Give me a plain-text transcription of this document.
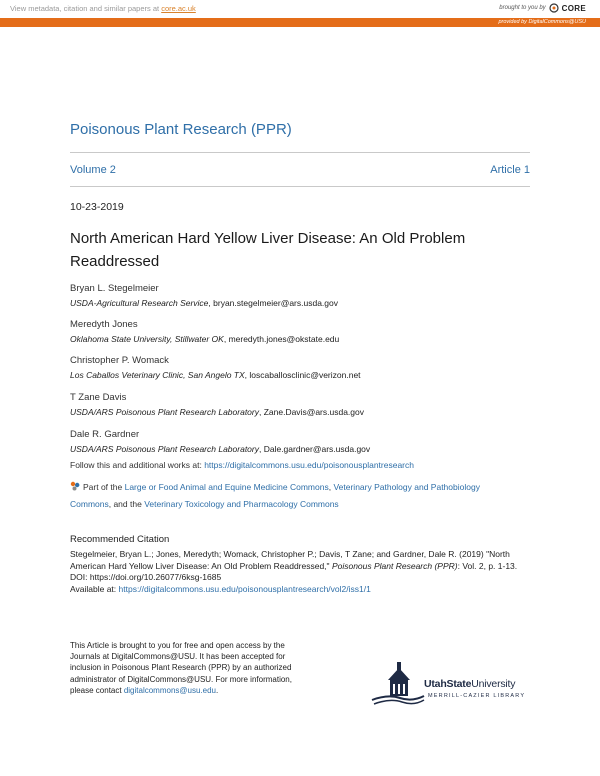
View metadata, citation and similar papers at core.ac.uk	brought to you by CORE
provided by DigitalCommons@USU
Poisonous Plant Research (PPR)
Volume 2	Article 1
10-23-2019
North American Hard Yellow Liver Disease: An Old Problem Readdressed
Bryan L. Stegelmeier
USDA-Agricultural Research Service, bryan.stegelmeier@ars.usda.gov
Meredyth Jones
Oklahoma State University, Stillwater OK, meredyth.jones@okstate.edu
Christopher P. Womack
Los Caballos Veterinary Clinic, San Angelo TX, loscaballosclinic@verizon.net
T Zane Davis
USDA/ARS Poisonous Plant Research Laboratory, Zane.Davis@ars.usda.gov
Dale R. Gardner
USDA/ARS Poisonous Plant Research Laboratory, Dale.gardner@ars.usda.gov
Follow this and additional works at: https://digitalcommons.usu.edu/poisonousplantresearch
Part of the Large or Food Animal and Equine Medicine Commons, Veterinary Pathology and Pathobiology Commons, and the Veterinary Toxicology and Pharmacology Commons
Recommended Citation

Stegelmeier, Bryan L.; Jones, Meredyth; Womack, Christopher P.; Davis, T Zane; and Gardner, Dale R. (2019) "North American Hard Yellow Liver Disease: An Old Problem Readdressed," Poisonous Plant Research (PPR): Vol. 2, p. 1-13.

DOI: https://doi.org/10.26077/6ksg-1685

Available at: https://digitalcommons.usu.edu/poisonousplantresearch/vol2/iss1/1

This Article is brought to you for free and open access by the Journals at DigitalCommons@USU. It has been accepted for inclusion in Poisonous Plant Research (PPR) by an authorized administrator of DigitalCommons@USU. For more information, please contact digitalcommons@usu.edu.
UtahStateUniversity
MERRILL-CAZIER LIBRARY
